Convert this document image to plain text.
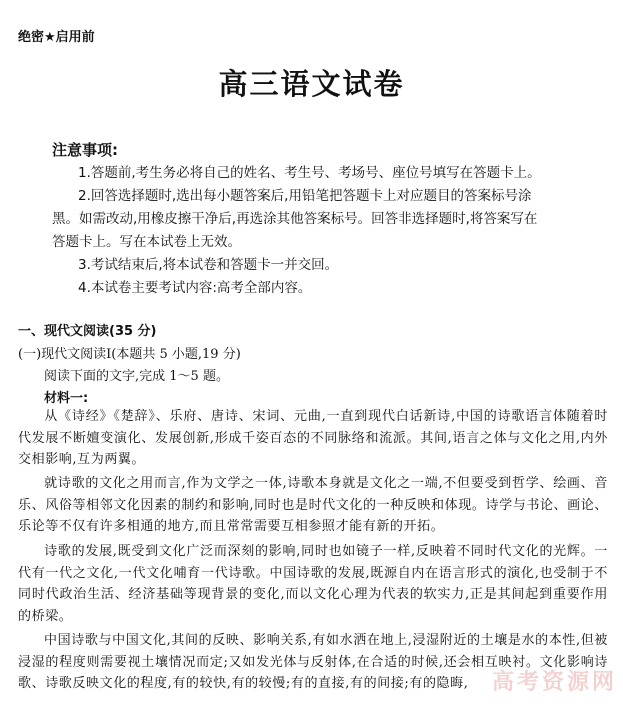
绝密★启用前
高三语文试卷
注意事项:
1.答题前,考生务必将自己的姓名、考生号、考场号、座位号填写在答题卡上。
2.回答选择题时,选出每小题答案后,用铅笔把答题卡上对应题目的答案标号涂
黑。如需改动,用橡皮擦干净后,再选涂其他答案标号。回答非选择题时,将答案写在
答题卡上。写在本试卷上无效。
3.考试结束后,将本试卷和答题卡一并交回。
4.本试卷主要考试内容:高考全部内容。
一、现代文阅读(35 分)
(一)现代文阅读Ⅰ(本题共 5 小题,19 分)
阅读下面的文字,完成 1～5 题。
材料一:

从《诗经》《楚辞》、乐府、唐诗、宋词、元曲,一直到现代白话新诗,中国的诗歌语言体随着时代发展不断嬗变演化、发展创新,形成千姿百态的不同脉络和流派。其间,语言之体与文化之用,内外交相影响,互为两翼。

就诗歌的文化之用而言,作为文学之一体,诗歌本身就是文化之一端,不但要受到哲学、绘画、音乐、风俗等相邻文化因素的制约和影响,同时也是时代文化的一种反映和体现。诗学与书论、画论、乐论等不仅有许多相通的地方,而且常常需要互相参照才能有新的开拓。

诗歌的发展,既受到文化广泛而深刻的影响,同时也如镜子一样,反映着不同时代文化的光辉。一代有一代之文化,一代文化哺育一代诗歌。中国诗歌的发展,既源自内在语言形式的演化,也受制于不同时代政治生活、经济基础等现背景的变化,而以文化心理为代表的软实力,正是其间起到重要作用的桥梁。

中国诗歌与中国文化,其间的反映、影响关系,有如水洒在地上,浸湿附近的土壤是水的本性,但被浸湿的程度则需要视土壤情况而定;又如发光体与反射体,在合适的时候,还会相互映衬。文化影响诗歌、诗歌反映文化的程度,有的较快,有的较慢;有的直接,有的间接;有的隐晦,	高考资源网
